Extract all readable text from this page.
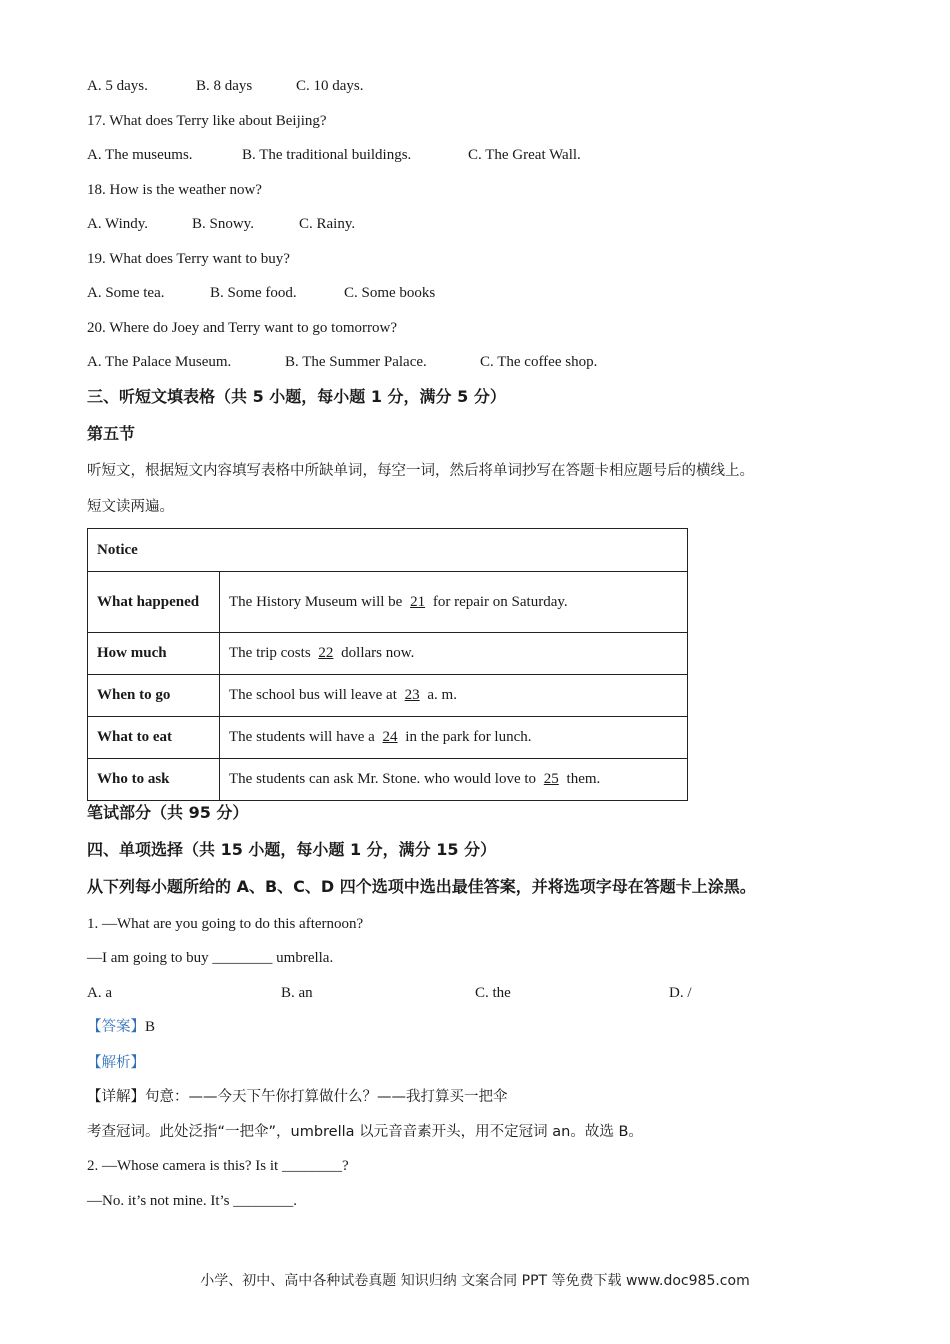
A. 5 days.	B. 8 days	C. 10 days.
17. What does Terry like about Beijing?
A. The museums.	B. The traditional buildings.	C. The Great Wall.
18. How is the weather now?
A. Windy.	B. Snowy.	C. Rainy.
19. What does Terry want to buy?
A. Some tea.	B. Some food.	C. Some books
20. Where do Joey and Terry want to go tomorrow?
A. The Palace Museum.	B. The Summer Palace.	C. The coffee shop.
三、听短文填表格（共 5 小题，每小题 1 分，满分 5 分）
第五节
听短文，根据短文内容填写表格中所缺单词，每空一词，然后将单词抄写在答题卡相应题号后的横线上。
短文读两遍。
Notice	
What happened	The History Museum will be 21 for repair on Saturday.
How much	The trip costs 22 dollars now.
When to go	The school bus will leave at 23 a. m.
What to eat	The students will have a 24 in the park for lunch.
Who to ask	The students can ask Mr. Stone. who would love to 25 them.
笔试部分（共 95 分）
四、单项选择（共 15 小题，每小题 1 分，满分 15 分）
从下列每小题所给的 A、B、C、D 四个选项中选出最佳答案，并将选项字母在答题卡上涂黑。
1. —What are you going to do this afternoon?
—I am going to buy ________ umbrella.
A. a	B. an	C. the	D. /
【答案】B
【解析】
【详解】句意：——今天下午你打算做什么？——我打算买一把伞
考查冠词。此处泛指“一把伞”，umbrella 以元音音素开头，用不定冠词 an。故选 B。
2. —Whose camera is this? Is it ________?
—No. it’s not mine. It’s ________.
小学、初中、高中各种试卷真题 知识归纳 文案合同 PPT 等免费下载 www.doc985.com
